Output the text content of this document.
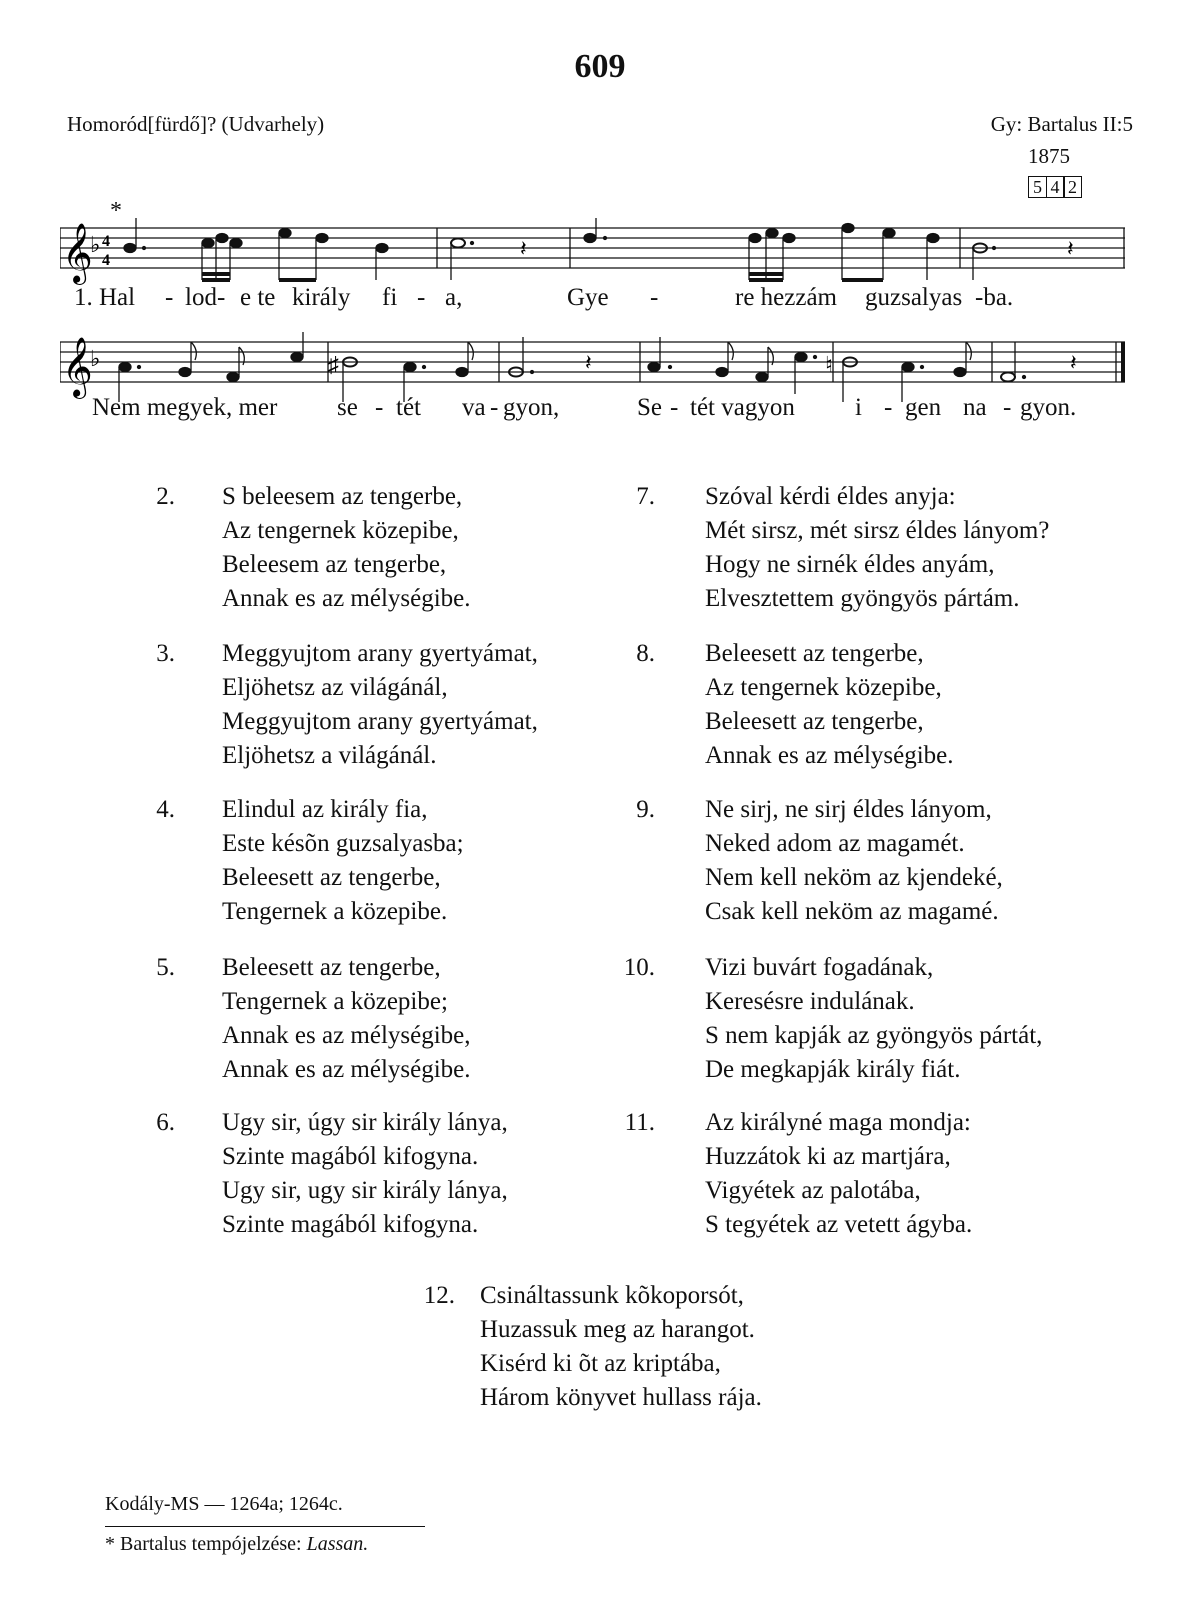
609
Homoród[fürdő]? (Udvarhely)	Gy: Bartalus II:5
1875
5 4 2
*
𝄞
♭ 4
4	𝄽	𝄽
1. Hal - lod- e te király fi - a,	Gye -	re hezzám guzsalyas -ba.
𝄞
♭	♯	♮
𝄽	𝄽
Nem megyek, mer se - tét va - gyon,	Se - tét vagyon i - gen na - gyon.
2. S beleesem az tengerbe,
Az tengernek közepibe,
Beleesem az tengerbe,
Annak es az mélységibe.
3. Meggyujtom arany gyertyámat,
Eljöhetsz az világánál,
Meggyujtom arany gyertyámat,
Eljöhetsz a világánál.
4. Elindul az király fia,
Este késõn guzsalyasba;
Beleesett az tengerbe,
Tengernek a közepibe.
5. Beleesett az tengerbe,
Tengernek a közepibe;
Annak es az mélységibe,
Annak es az mélységibe.
6. Ugy sir, úgy sir király lánya,
Szinte magából kifogyna.
Ugy sir, ugy sir király lánya,
Szinte magából kifogyna.
7. Szóval kérdi éldes anyja:
Mét sirsz, mét sirsz éldes lányom?
Hogy ne sirnék éldes anyám,
Elvesztettem gyöngyös pártám.
8. Beleesett az tengerbe,
Az tengernek közepibe,
Beleesett az tengerbe,
Annak es az mélységibe.
9. Ne sirj, ne sirj éldes lányom,
Neked adom az magamét.
Nem kell neköm az kjendeké,
Csak kell neköm az magamé.
10. Vizi buvárt fogadának,
Keresésre indulának.
S nem kapják az gyöngyös pártát,
De megkapják király fiát.
11. Az királyné maga mondja:
Huzzátok ki az martjára,
Vigyétek az palotába,
S tegyétek az vetett ágyba.
12. Csináltassunk kõkoporsót,
Huzassuk meg az harangot.
Kisérd ki õt az kriptába,
Három könyvet hullass rája.
Kodály-MS — 1264a; 1264c.
* Bartalus tempójelzése: Lassan.
